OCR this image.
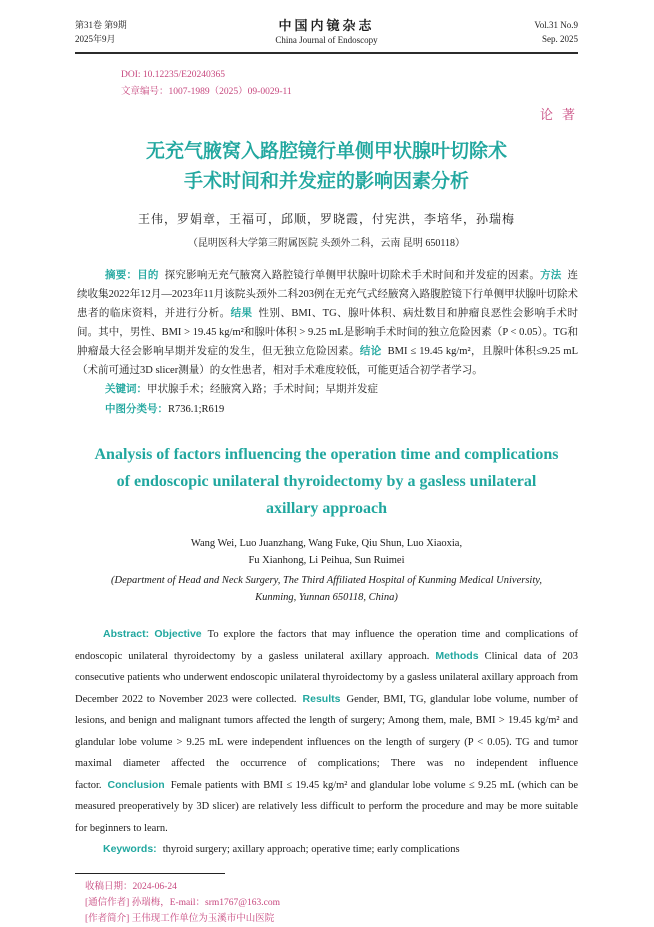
第31卷 第9期
2025年9月
中国内镜杂志
China Journal of Endoscopy
Vol.31 No.9
Sep. 2025
DOI: 10.12235/E20240365
文章编号：1007-1989（2025）09-0029-11
论著
无充气腋窝入路腔镜行单侧甲状腺叶切除术
手术时间和并发症的影响因素分析
王伟，罗娟章，王福可，邱顺，罗晓霞，付宪洪，李培华，孙瑞梅
（昆明医科大学第三附属医院 头颈外二科，云南 昆明 650118）

摘要：目的 探究影响无充气腋窝入路腔镜行单侧甲状腺叶切除术手术时间和并发症的因素。方法 连续收集2022年12月—2023年11月该院头颈外二科203例在无充气式经腋窝入路腹腔镜下行单侧甲状腺叶切除术患者的临床资料，并进行分析。结果 性别、BMI、TG、腺叶体积、病灶数目和肿瘤良恶性会影响手术时间。其中，男性、BMI > 19.45 kg/m²和腺叶体积 > 9.25 mL是影响手术时间的独立危险因素（P < 0.05）。TG和肿瘤最大径会影响早期并发症的发生，但无独立危险因素。结论 BMI ≤ 19.45 kg/m²，且腺叶体积≤9.25 mL（术前可通过3D slicer测量）的女性患者，相对手术难度较低，可能更适合初学者学习。

关键词：甲状腺手术；经腋窝入路；手术时间；早期并发症

中图分类号：R736.1;R619

Analysis of factors influencing the operation time and complications
of endoscopic unilateral thyroidectomy by a gasless unilateral
axillary approach
Wang Wei, Luo Juanzhang, Wang Fuke, Qiu Shun, Luo Xiaoxia,
Fu Xianhong, Li Peihua, Sun Ruimei
(Department of Head and Neck Surgery, The Third Affiliated Hospital of Kunming Medical University,
Kunming, Yunnan 650118, China)

Abstract: Objective To explore the factors that may influence the operation time and complications of endoscopic unilateral thyroidectomy by a gasless unilateral axillary approach. Methods Clinical data of 203 consecutive patients who underwent endoscopic unilateral thyroidectomy by a gasless unilateral axillary approach from December 2022 to November 2023 were collected. Results Gender, BMI, TG, glandular lobe volume, number of lesions, and benign and malignant tumors affected the length of surgery; Among them, male, BMI > 19.45 kg/m² and glandular lobe volume > 9.25 mL were independent influences on the length of surgery (P < 0.05). TG and tumor maximal diameter affected the occurrence of complications; There was no independent influence factor. Conclusion Female patients with BMI ≤ 19.45 kg/m² and glandular lobe volume ≤ 9.25 mL (which can be measured preoperatively by 3D slicer) are relatively less difficult to perform the procedure and may be more suitable for beginners to learn.

Keywords: thyroid surgery; axillary approach; operative time; early complications

收稿日期：2024-06-24
[通信作者] 孙瑞梅，E-mail：srm1767@163.com
[作者简介] 王伟现工作单位为玉溪市中山医院
